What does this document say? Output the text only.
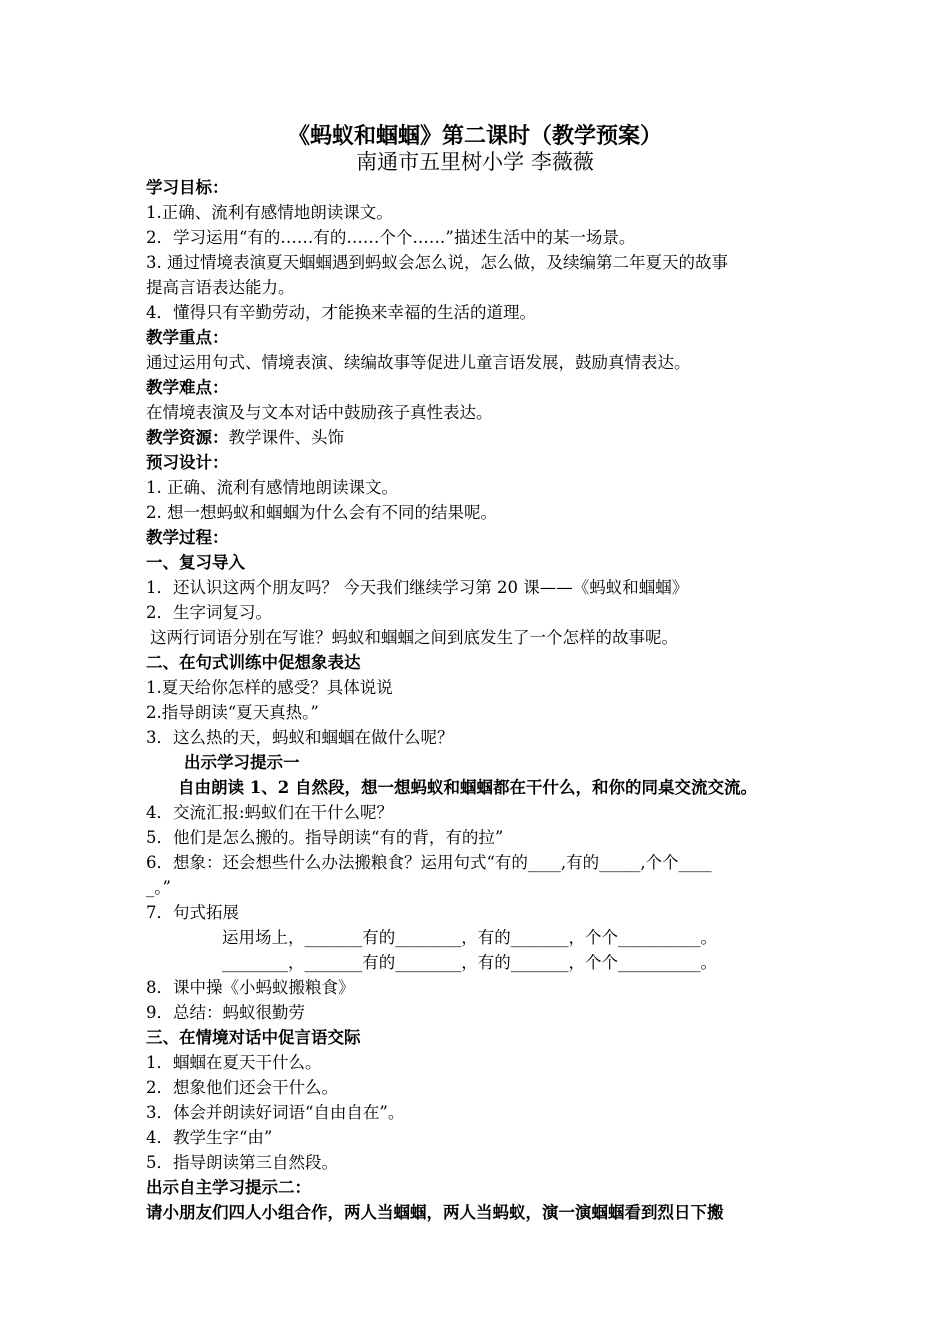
《蚂蚁和蝈蝈》第二课时（教学预案）
南通市五里树小学 李薇薇
学习目标：
1.正确、流利有感情地朗读课文。
2．学习运用“有的……有的……个个……”描述生活中的某一场景。
3. 通过情境表演夏天蝈蝈遇到蚂蚁会怎么说，怎么做，及续编第二年夏天的故事
提高言语表达能力。
4．懂得只有辛勤劳动，才能换来幸福的生活的道理。
教学重点：
通过运用句式、情境表演、续编故事等促进儿童言语发展，鼓励真情表达。
教学难点：
在情境表演及与文本对话中鼓励孩子真性表达。
教学资源：教学课件、头饰
预习设计：
1. 正确、流利有感情地朗读课文。
2. 想一想蚂蚁和蝈蝈为什么会有不同的结果呢。
教学过程：
一、复习导入
1．还认识这两个朋友吗？ 今天我们继续学习第 20 课——《蚂蚁和蝈蝈》
2．生字词复习。
这两行词语分别在写谁？蚂蚁和蝈蝈之间到底发生了一个怎样的故事呢。
二、在句式训练中促想象表达
1.夏天给你怎样的感受？具体说说
2.指导朗读“夏天真热。”
3．这么热的天，蚂蚁和蝈蝈在做什么呢？
出示学习提示一
自由朗读 1、2 自然段，想一想蚂蚁和蝈蝈都在干什么，和你的同桌交流交流。
4．交流汇报:蚂蚁们在干什么呢？
5．他们是怎么搬的。指导朗读“有的背，有的拉”
6．想象：还会想些什么办法搬粮食？运用句式“有的____,有的_____,个个____
_。”
7．句式拓展
运用场上，_______有的________，有的_______，个个__________。
________，_______有的________，有的_______，个个__________。
8．课中操《小蚂蚁搬粮食》
9．总结：蚂蚁很勤劳
三、在情境对话中促言语交际
1．蝈蝈在夏天干什么。
2．想象他们还会干什么。
3．体会并朗读好词语“自由自在”。
4．教学生字“由”
5．指导朗读第三自然段。
出示自主学习提示二：
请小朋友们四人小组合作，两人当蝈蝈，两人当蚂蚁，演一演蝈蝈看到烈日下搬
